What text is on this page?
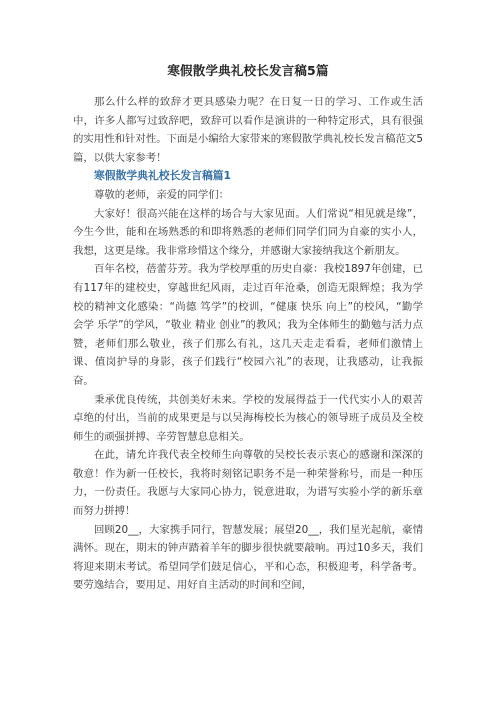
寒假散学典礼校长发言稿5篇

那么什么样的致辞才更具感染力呢？在日复一日的学习、工作或生活中，许多人都写过致辞吧，致辞可以看作是演讲的一种特定形式，具有很强的实用性和针对性。下面是小编给大家带来的寒假散学典礼校长发言稿范文5篇，以供大家参考！

寒假散学典礼校长发言稿篇1

尊敬的老师，亲爱的同学们：

大家好！很高兴能在这样的场合与大家见面。人们常说“相见就是缘”，今生今世，能和在场熟悉的和即将熟悉的老师们同学们同为自豪的实小人，我想，这更是缘。我非常珍惜这个缘分，并感谢大家接纳我这个新朋友。

百年名校，蓓蕾芬芳。我为学校厚重的历史自豪：我校1897年创建，已有117年的建校史，穿越世纪风雨，走过百年沧桑，创造无限辉煌；我为学校的精神文化感染：“尚德 笃学”的校训，“健康 快乐 向上”的校风，“勤学 会学 乐学”的学风，“敬业 精业 创业”的教风；我为全体师生的勤勉与活力点赞，老师们那么敬业，孩子们那么有礼，这几天走走看看，老师们激情上课、值岗护导的身影，孩子们践行“校园六礼”的表现，让我感动，让我振奋。

秉承优良传统，共创美好未来。学校的发展得益于一代代实小人的艰苦卓绝的付出，当前的成果更是与以吴海梅校长为核心的领导班子成员及全校师生的顽强拼搏、辛劳智慧息息相关。

在此，请允许我代表全校师生向尊敬的吴校长表示衷心的感谢和深深的敬意！作为新一任校长，我将时刻铭记职务不是一种荣誉称号，而是一种压力，一份责任。我愿与大家同心协力，锐意进取，为谱写实验小学的新乐章而努力拼搏！

回顾20__，大家携手同行，智慧发展；展望20__，我们星光起航，豪情满怀。现在，期末的钟声踏着羊年的脚步很快就要敲响。再过10多天，我们将迎来期末考试。希望同学们鼓足信心，平和心态，积极迎考，科学备考。要劳逸结合，要用足、用好自主活动的时间和空间，
